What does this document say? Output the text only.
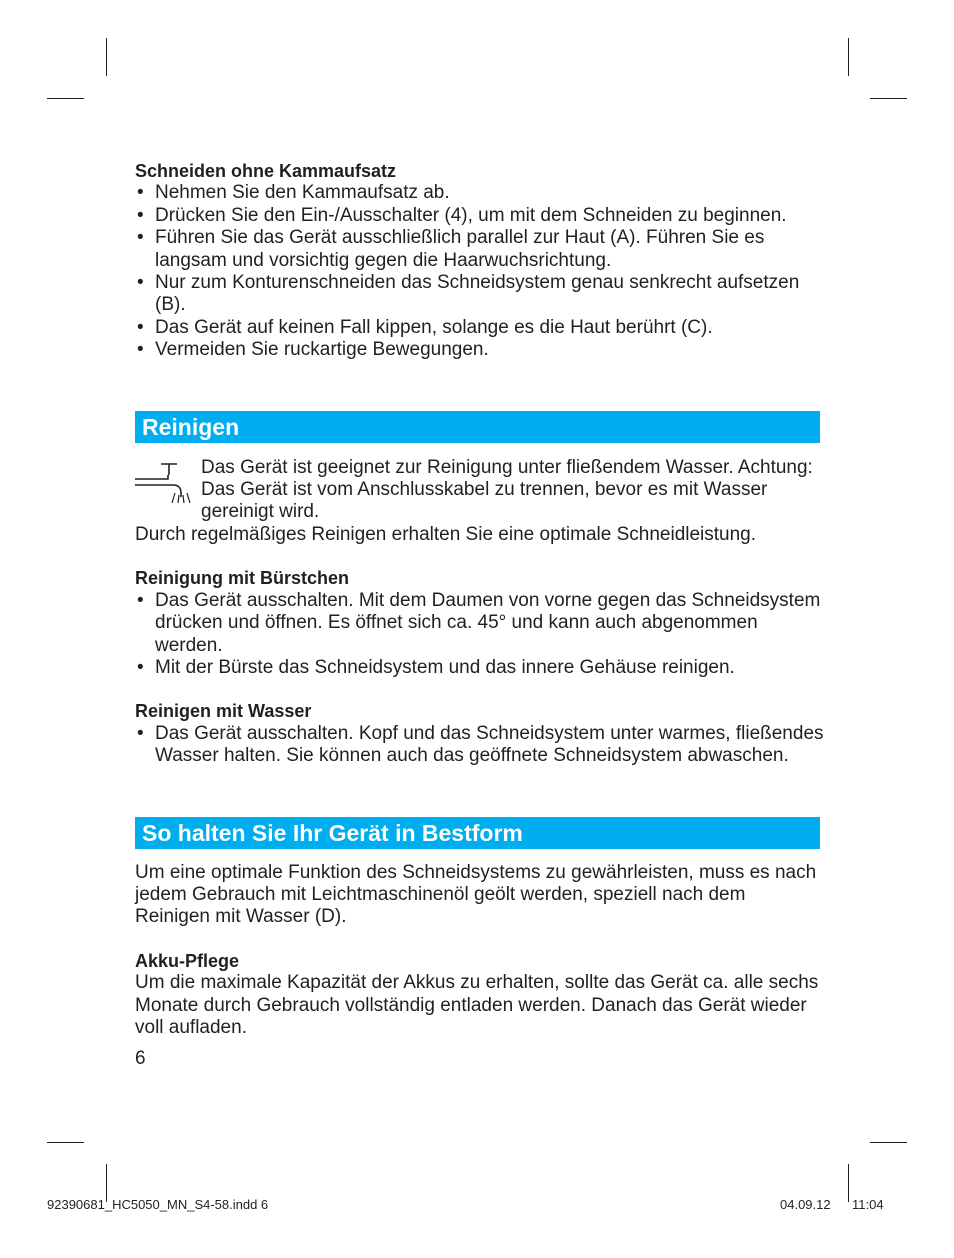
Schneiden ohne Kammaufsatz

• Nehmen Sie den Kammaufsatz ab.
• Drücken Sie den Ein-/Ausschalter (4), um mit dem Schneiden zu beginnen.
• Führen Sie das Gerät ausschließlich parallel zur Haut (A). Führen Sie es langsam und vorsichtig gegen die Haarwuchsrichtung.
• Nur zum Konturenschneiden das Schneidsystem genau senkrecht aufsetzen (B).
• Das Gerät auf keinen Fall kippen, solange es die Haut berührt (C).
• Vermeiden Sie ruckartige Bewegungen.
Reinigen

Das Gerät ist geeignet zur Reinigung unter fließendem Wasser. Achtung: Das Gerät ist vom Anschlusskabel zu trennen, bevor es mit Wasser gereinigt wird.

Durch regelmäßiges Reinigen erhalten Sie eine optimale Schneidleistung.

Reinigung mit Bürstchen

• Das Gerät ausschalten. Mit dem Daumen von vorne gegen das Schneidsystem drücken und öffnen. Es öffnet sich ca. 45° und kann auch abgenommen werden.
• Mit der Bürste das Schneidsystem und das innere Gehäuse reinigen.

Reinigen mit Wasser

• Das Gerät ausschalten. Kopf und das Schneidsystem unter warmes, fließendes Wasser halten. Sie können auch das geöffnete Schneidsystem abwaschen.
So halten Sie Ihr Gerät in Bestform

Um eine optimale Funktion des Schneidsystems zu gewährleisten, muss es nach jedem Gebrauch mit Leichtmaschinenöl geölt werden, speziell nach dem Reinigen mit Wasser (D).

Akku-Pflege

Um die maximale Kapazität der Akkus zu erhalten, sollte das Gerät ca. alle sechs Monate durch Gebrauch vollständig entladen werden. Danach das Gerät wieder voll aufladen.

6

92390681_HC5050_MN_S4-58.indd 6	04.09.12 11:04
